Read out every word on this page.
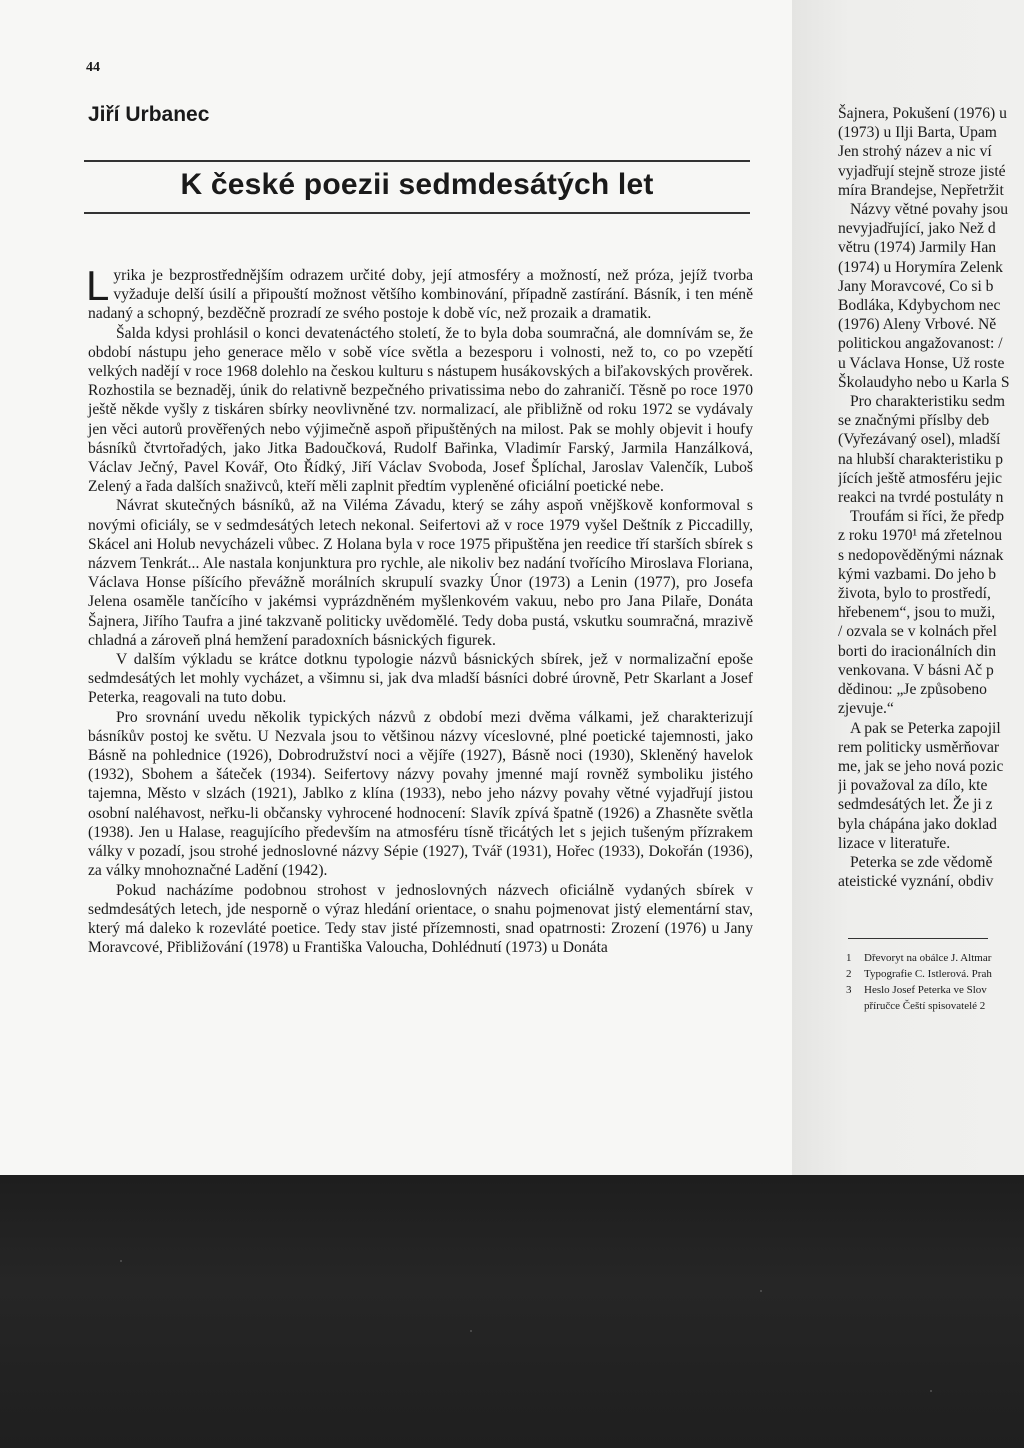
44
Jiří Urbanec
K české poezii sedmdesátých let

Lyrika je bezprostřednějším odrazem určité doby, její atmosféry a možností, než próza, jejíž tvorba vyžaduje delší úsilí a připouští možnost většího kombinování, případně zastírání. Básník, i ten méně nadaný a schopný, bezděčně prozradí ze svého postoje k době víc, než prozaik a dramatik.

Šalda kdysi prohlásil o konci devatenáctého století, že to byla doba soumračná, ale domnívám se, že období nástupu jeho generace mělo v sobě více světla a bezesporu i volnosti, než to, co po vzepětí velkých nadějí v roce 1968 dolehlo na českou kulturu s nástupem husákovských a biľakovských prověrek. Rozhostila se beznaděj, únik do relativně bezpečného privatissima nebo do zahraničí. Těsně po roce 1970 ještě někde vyšly z tiskáren sbírky neovlivněné tzv. normalizací, ale přibližně od roku 1972 se vydávaly jen věci autorů prověřených nebo výjimečně aspoň připuštěných na milost. Pak se mohly objevit i houfy básníků čtvrtořadých, jako Jitka Badoučková, Rudolf Bařinka, Vladimír Farský, Jarmila Hanzálková, Václav Ječný, Pavel Kovář, Oto Řídký, Jiří Václav Svoboda, Josef Šplíchal, Jaroslav Valenčík, Luboš Zelený a řada dalších snaživců, kteří měli zaplnit předtím vypleněné oficiální poetické nebe.

Návrat skutečných básníků, až na Viléma Závadu, který se záhy aspoň vnějškově konformoval s novými oficiály, se v sedmdesátých letech nekonal. Seifertovi až v roce 1979 vyšel Deštník z Piccadilly, Skácel ani Holub nevycházeli vůbec. Z Holana byla v roce 1975 připuštěna jen reedice tří starších sbírek s názvem Tenkrát... Ale nastala konjunktura pro rychle, ale nikoliv bez nadání tvořícího Miroslava Floriana, Václava Honse píšícího převážně morálních skrupulí svazky Únor (1973) a Lenin (1977), pro Josefa Jelena osaměle tančícího v jakémsi vyprázdněném myšlenkovém vakuu, nebo pro Jana Pilaře, Donáta Šajnera, Jiřího Taufra a jiné takzvaně politicky uvědomělé. Tedy doba pustá, vskutku soumračná, mrazivě chladná a zároveň plná hemžení paradoxních básnických figurek.

V dalším výkladu se krátce dotknu typologie názvů básnických sbírek, jež v normalizační epoše sedmdesátých let mohly vycházet, a všimnu si, jak dva mladší básníci dobré úrovně, Petr Skarlant a Josef Peterka, reagovali na tuto dobu.

Pro srovnání uvedu několik typických názvů z období mezi dvěma válkami, jež charakterizují básníkův postoj ke světu. U Nezvala jsou to většinou názvy víceslovné, plné poetické tajemnosti, jako Básně na pohlednice (1926), Dobrodružství noci a vějíře (1927), Básně noci (1930), Skleněný havelok (1932), Sbohem a šáteček (1934). Seifertovy názvy povahy jmenné mají rovněž symboliku jistého tajemna, Město v slzách (1921), Jablko z klína (1933), nebo jeho názvy povahy větné vyjadřují jistou osobní naléhavost, neřku-li občansky vyhrocené hodnocení: Slavík zpívá špatně (1926) a Zhasněte světla (1938). Jen u Halase, reagujícího především na atmosféru tísně třicátých let s jejich tušeným přízrakem války v pozadí, jsou strohé jednoslovné názvy Sépie (1927), Tvář (1931), Hořec (1933), Dokořán (1936), za války mnohoznačné Ladění (1942).

Pokud nacházíme podobnou strohost v jednoslovných názvech oficiálně vydaných sbírek v sedmdesátých letech, jde nesporně o výraz hledání orientace, o snahu pojmenovat jistý elementární stav, který má daleko k rozevláté poetice. Tedy stav jisté přízemnosti, snad opatrnosti: Zrození (1976) u Jany Moravcové, Přibližování (1978) u Františka Valoucha, Dohlédnutí (1973) u Donáta

Šajnera, Pokušení (1976) u
(1973) u Ilji Barta, Upam
Jen strohý název a nic ví
vyjadřují stejně stroze jisté
míra Brandejse, Nepřetržit
Názvy větné povahy jsou
nevyjadřující, jako Než d
větru (1974) Jarmily Han
(1974) u Horymíra Zelenk
Jany Moravcové, Co si b
Bodláka, Kdybychom nec
(1976) Aleny Vrbové. Ně
politickou angažovanost: /
u Václava Honse, Už roste
Školaudyho nebo u Karla S
Pro charakteristiku sedm
se značnými příslby deb
(Vyřezávaný osel), mladší
na hlubší charakteristiku p
jících ještě atmosféru jejic
reakci na tvrdé postuláty n
Troufám si říci, že předp
z roku 1970¹ má zřetelnou
s nedopověděnými náznak
kými vazbami. Do jeho b
života, bylo to prostředí,
hřebenem“, jsou to muži,
/ ozvala se v kolnách přel
borti do iracionálních din
venkovana. V básni Ač p
dědinou: „Je způsobeno
zjevuje.“
A pak se Peterka zapojil
rem politicky usměrňovar
me, jak se jeho nová pozic
ji považoval za dílo, kte
sedmdesátých let. Že ji z
byla chápána jako doklad
lizace v literatuře.
Peterka se zde vědomě
ateistické vyznání, obdiv
1 Dřevoryt na obálce J. Altmar
2 Typografie C. Istlerová. Prah
3 Heslo Josef Peterka ve Slov
příručce Čeští spisovatelé 2
